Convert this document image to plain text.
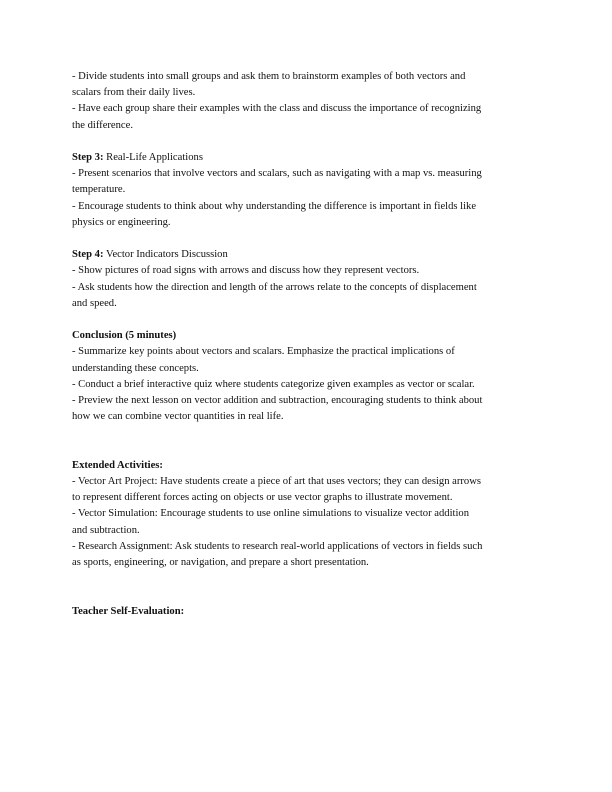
- Divide students into small groups and ask them to brainstorm examples of both vectors and
scalars from their daily lives.
- Have each group share their examples with the class and discuss the importance of recognizing
the difference.
Step 3: Real-Life Applications
- Present scenarios that involve vectors and scalars, such as navigating with a map vs. measuring
temperature.
- Encourage students to think about why understanding the difference is important in fields like
physics or engineering.
Step 4: Vector Indicators Discussion
- Show pictures of road signs with arrows and discuss how they represent vectors.
- Ask students how the direction and length of the arrows relate to the concepts of displacement
and speed.
Conclusion (5 minutes)
- Summarize key points about vectors and scalars. Emphasize the practical implications of
understanding these concepts.
- Conduct a brief interactive quiz where students categorize given examples as vector or scalar.
- Preview the next lesson on vector addition and subtraction, encouraging students to think about
how we can combine vector quantities in real life.
Extended Activities:
- Vector Art Project: Have students create a piece of art that uses vectors; they can design arrows
to represent different forces acting on objects or use vector graphs to illustrate movement.
- Vector Simulation: Encourage students to use online simulations to visualize vector addition
and subtraction.
- Research Assignment: Ask students to research real-world applications of vectors in fields such
as sports, engineering, or navigation, and prepare a short presentation.
Teacher Self-Evaluation:
